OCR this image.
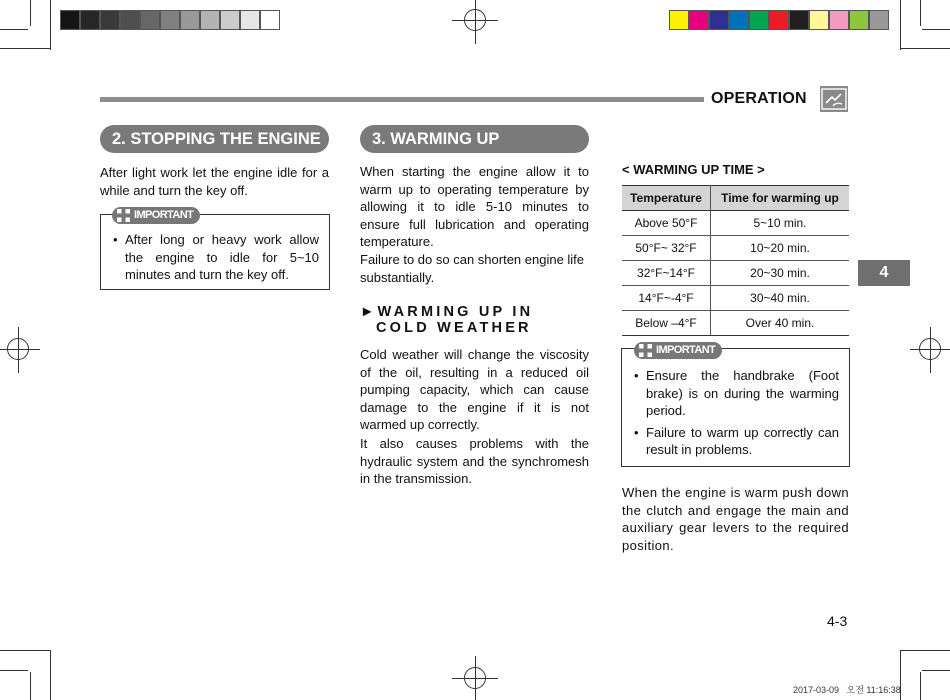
OPERATION
2. STOPPING THE ENGINE

After light work let the engine idle for a while and turn the key off.

• After long or heavy work allow the engine to idle for 5~10 minutes and turn the key off.
IMPORTANT
3. WARMING UP

When starting the engine allow it to warm up to operating temperature by allowing it to idle 5-10 minutes to ensure full lubrication and operating temperature.

Failure to do so can shorten engine life substantially.

►WARMING UP IN COLD WEATHER

Cold weather will change the viscosity of the oil, resulting in a reduced oil pumping capacity, which can cause damage to the engine if it is not warmed up correctly.

It also causes problems with the hydraulic system and the synchromesh in the transmission.

< WARMING UP TIME >
Temperature	Time for warming up
Above 50°F	5~10 min.
50°F~ 32°F	10~20 min.
32°F~14°F	20~30 min.
14°F~-4°F	30~40 min.
Below –4°F	Over 40 min.
• Ensure the handbrake (Foot brake) is on during the warming period.
• Failure to warm up correctly can result in problems.
IMPORTANT

When the engine is warm push down the clutch and engage the main and auxiliary gear levers to the required position.

4
4-3
2017-03-09   오전 11:16:38
